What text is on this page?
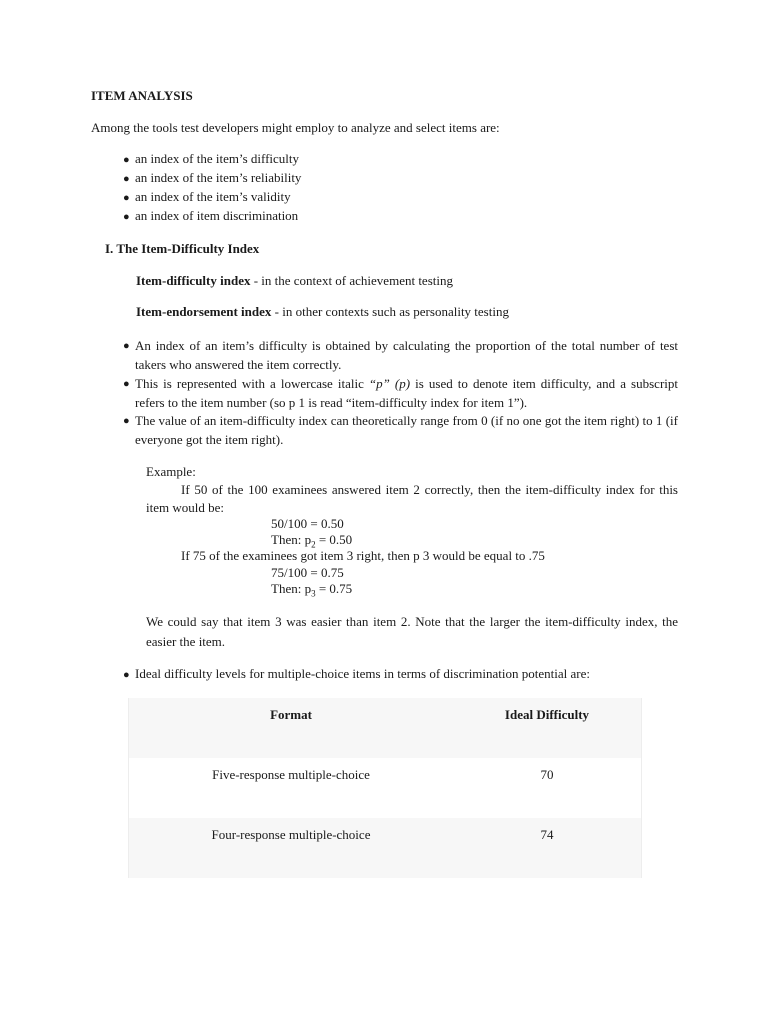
ITEM ANALYSIS
Among the tools test developers might employ to analyze and select items are:
● an index of the item’s difficulty
● an index of the item’s reliability
● an index of the item’s validity
● an index of item discrimination
I. The Item-Difficulty Index
Item-difficulty index - in the context of achievement testing
Item-endorsement index - in other contexts such as personality testing
● An index of an item’s difficulty is obtained by calculating the proportion of the total number of test takers who answered the item correctly.
● This is represented with a lowercase italic “p” (p) is used to denote item difficulty, and a subscript refers to the item number (so p 1 is read “item-difficulty index for item 1”).
● The value of an item-difficulty index can theoretically range from 0 (if no one got the item right) to 1 (if everyone got the item right).
Example:
If 50 of the 100 examinees answered item 2 correctly, then the item-difficulty index for this item would be:
50/100 = 0.50
Then: $p_2 = 0.50$
If 75 of the examinees got item 3 right, then p 3 would be equal to .75
75/100 = 0.75
Then: $p_3 = 0.75$
We could say that item 3 was easier than item 2. Note that the larger the item-difficulty index, the easier the item.
● Ideal difficulty levels for multiple-choice items in terms of discrimination potential are:
Format	Ideal Difficulty
Five-response multiple-choice	70
Four-response multiple-choice	74
